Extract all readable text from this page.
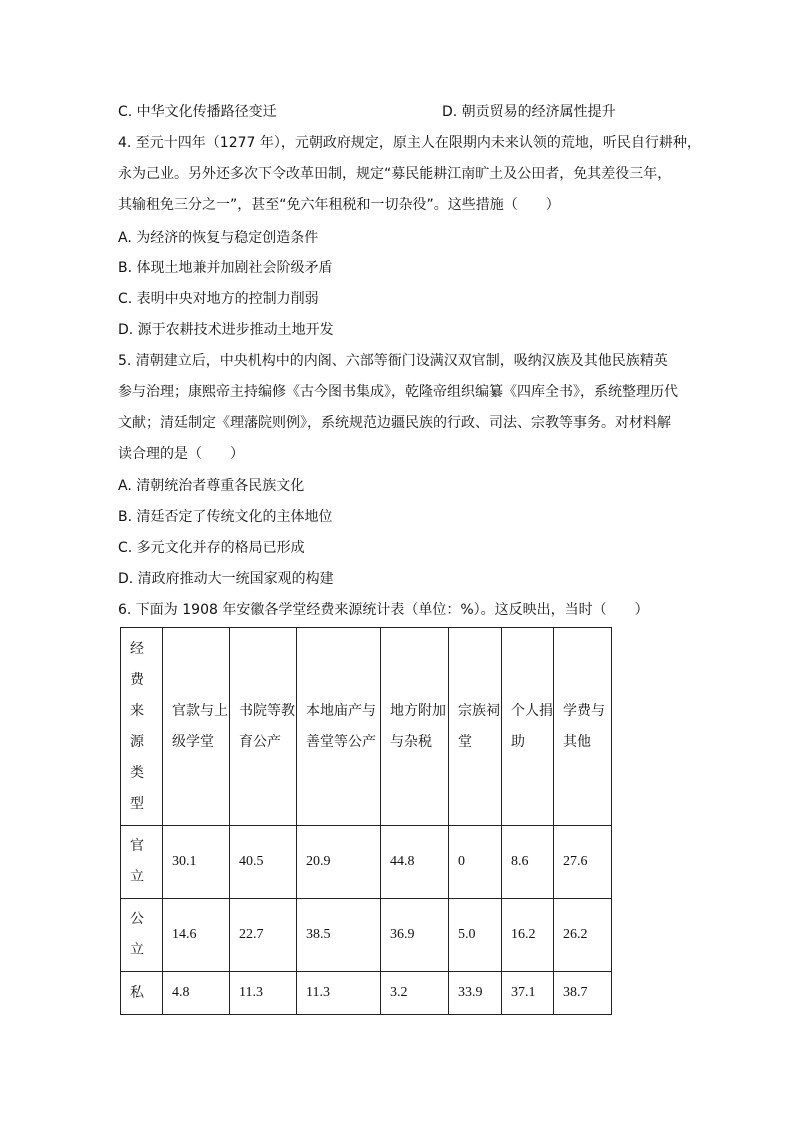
C. 中华文化传播路径变迁	D. 朝贡贸易的经济属性提升
4. 至元十四年（1277 年），元朝政府规定，原主人在限期内未来认领的荒地，听民自行耕种，
永为己业。另外还多次下令改革田制，规定“募民能耕江南旷土及公田者，免其差役三年，
其输租免三分之一”，甚至“免六年租税和一切杂役”。这些措施（　　）
A. 为经济的恢复与稳定创造条件
B. 体现土地兼并加剧社会阶级矛盾
C. 表明中央对地方的控制力削弱
D. 源于农耕技术进步推动土地开发
5. 清朝建立后，中央机构中的内阁、六部等衙门设满汉双官制，吸纳汉族及其他民族精英
参与治理；康熙帝主持编修《古今图书集成》，乾隆帝组织编纂《四库全书》，系统整理历代
文献；清廷制定《理藩院则例》，系统规范边疆民族的行政、司法、宗教等事务。对材料解
读合理的是（　　）
A. 清朝统治者尊重各民族文化
B. 清廷否定了传统文化的主体地位
C. 多元文化并存的格局已形成
D. 清政府推动大一统国家观的构建
6. 下面为 1908 年安徽各学堂经费来源统计表（单位：%）。这反映出，当时（　　）
经费来源类型	官款与上级学堂	书院等教育公产	本地庙产与善堂等公产	地方附加与杂税	宗族祠堂	个人捐助	学费与其他

官立	30.1	40.5	20.9	44.8	0	8.6	27.6

公立	14.6	22.7	38.5	36.9	5.0	16.2	26.2

私	4.8	11.3	11.3	3.2	33.9	37.1	38.7
